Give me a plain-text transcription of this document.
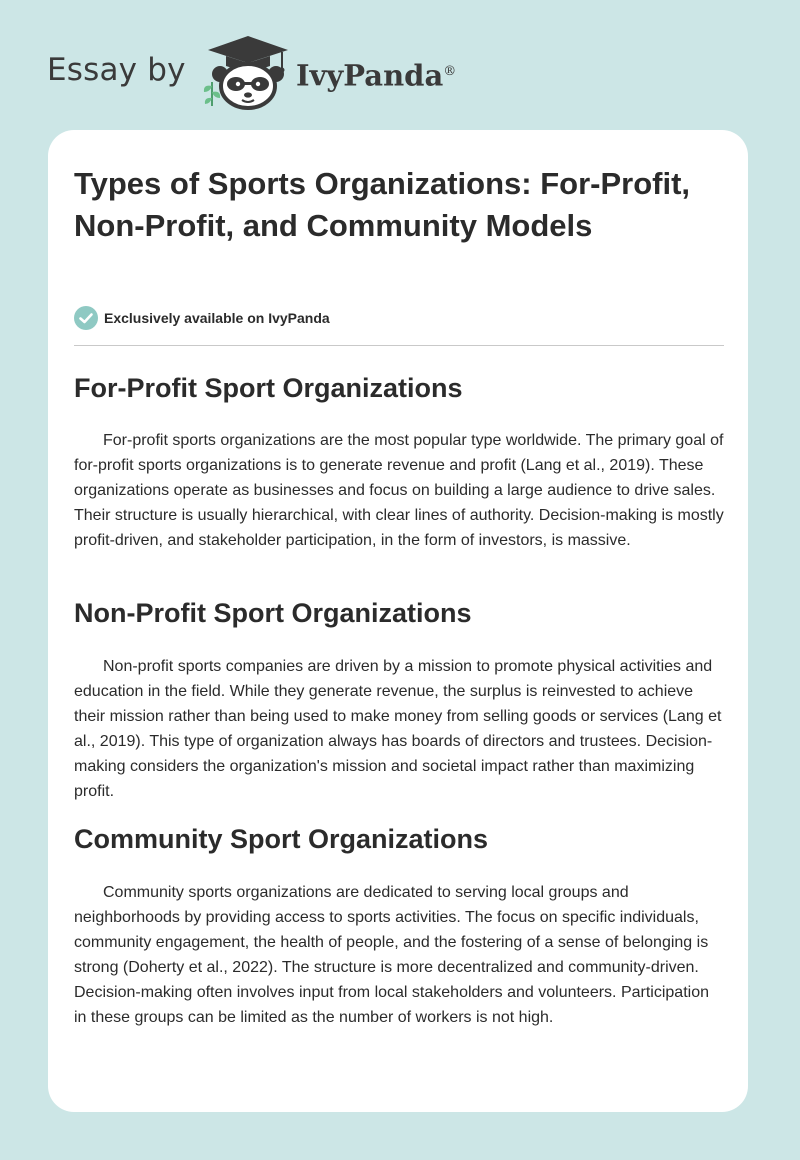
Essay by	IvyPanda®
Types of Sports Organizations: For-Profit, Non-Profit, and Community Models
Exclusively available on IvyPanda
For-Profit Sport Organizations

For-profit sports organizations are the most popular type worldwide. The primary goal of for-profit sports organizations is to generate revenue and profit (Lang et al., 2019). These organizations operate as businesses and focus on building a large audience to drive sales. Their structure is usually hierarchical, with clear lines of authority. Decision-making is mostly profit-driven, and stakeholder participation, in the form of investors, is massive.

Non-Profit Sport Organizations

Non-profit sports companies are driven by a mission to promote physical activities and education in the field. While they generate revenue, the surplus is reinvested to achieve their mission rather than being used to make money from selling goods or services (Lang et al., 2019). This type of organization always has boards of directors and trustees. Decision-making considers the organization's mission and societal impact rather than maximizing profit.

Community Sport Organizations

Community sports organizations are dedicated to serving local groups and neighborhoods by providing access to sports activities. The focus on specific individuals, community engagement, the health of people, and the fostering of a sense of belonging is strong (Doherty et al., 2022). The structure is more decentralized and community-driven. Decision-making often involves input from local stakeholders and volunteers. Participation in these groups can be limited as the number of workers is not high.
